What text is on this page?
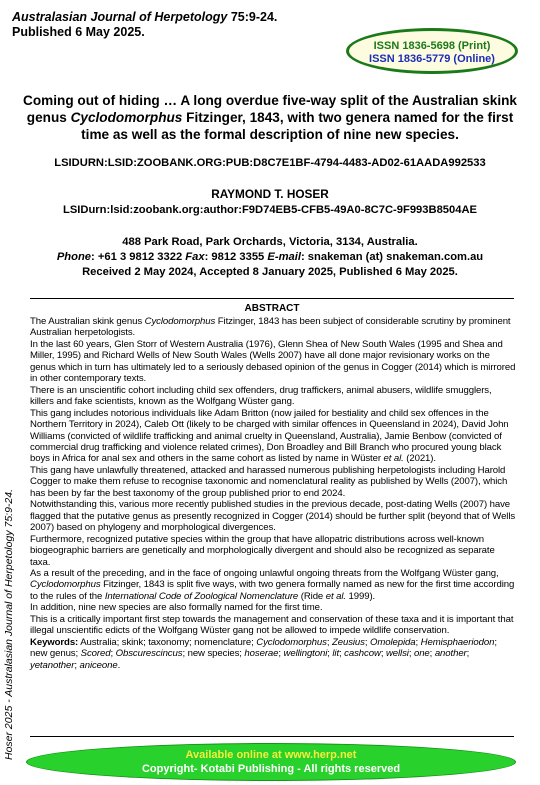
Australasian Journal of Herpetology 75:9-24.
Published 6 May 2025.
ISSN 1836-5698 (Print)
ISSN 1836-5779 (Online)
Coming out of hiding … A long overdue five-way split of the Australian skink genus Cyclodomorphus Fitzinger, 1843, with two genera named for the first time as well as the formal description of nine new species.
LSIDURN:LSID:ZOOBANK.ORG:PUB:D8C7E1BF-4794-4483-AD02-61AADA992533
RAYMOND T. HOSER
LSIDurn:lsid:zoobank.org:author:F9D74EB5-CFB5-49A0-8C7C-9F993B8504AE
488 Park Road, Park Orchards, Victoria, 3134, Australia.
Phone: +61 3 9812 3322 Fax: 9812 3355 E-mail: snakeman (at) snakeman.com.au
Received 2 May 2024, Accepted 8 January 2025, Published 6 May 2025.
ABSTRACT

The Australian skink genus Cyclodomorphus Fitzinger, 1843 has been subject of considerable scrutiny by prominent Australian herpetologists.

In the last 60 years, Glen Storr of Western Australia (1976), Glenn Shea of New South Wales (1995 and Shea and Miller, 1995) and Richard Wells of New South Wales (Wells 2007) have all done major revisionary works on the genus which in turn has ultimately led to a seriously debased opinion of the genus in Cogger (2014) which is mirrored in other contemporary texts.

There is an unscientific cohort including child sex offenders, drug traffickers, animal abusers, wildlife smugglers, killers and fake scientists, known as the Wolfgang Wüster gang.

This gang includes notorious individuals like Adam Britton (now jailed for bestiality and child sex offences in the Northern Territory in 2024), Caleb Ott (likely to be charged with similar offences in Queensland in 2024), David John Williams (convicted of wildlife trafficking and animal cruelty in Queensland, Australia), Jamie Benbow (convicted of commercial drug trafficking and violence related crimes), Don Broadley and Bill Branch who procured young black boys in Africa for anal sex and others in the same cohort as listed by name in Wüster et al. (2021).

This gang have unlawfully threatened, attacked and harassed numerous publishing herpetologists including Harold Cogger to make them refuse to recognise taxonomic and nomenclatural reality as published by Wells (2007), which has been by far the best taxonomy of the group published prior to end 2024.

Notwithstanding this, various more recently published studies in the previous decade, post-dating Wells (2007) have flagged that the putative genus as presently recognized in Cogger (2014) should be further split (beyond that of Wells 2007) based on phylogeny and morphological divergences.

Furthermore, recognized putative species within the group that have allopatric distributions across well-known biogeographic barriers are genetically and morphologically divergent and should also be recognized as separate taxa.

As a result of the preceding, and in the face of ongoing unlawful ongoing threats from the Wolfgang Wüster gang, Cyclodomorphus Fitzinger, 1843 is split five ways, with two genera formally named as new for the first time according to the rules of the International Code of Zoological Nomenclature (Ride et al. 1999).

In addition, nine new species are also formally named for the first time.

This is a critically important first step towards the management and conservation of these taxa and it is important that illegal unscientific edicts of the Wolfgang Wüster gang not be allowed to impede wildlife conservation.

Keywords: Australia; skink; taxonomy; nomenclature; Cyclodomorphus; Zeusius; Omolepida; Hemisphaeriodon; new genus; Scored; Obscurescincus; new species; hoserae; wellingtoni; lit; cashcow; wellsi; one; another; yetanother; aniceone.

Hoser 2025 - Australasian Journal of Herpetology 75:9-24.	Available online at www.herp.net
Copyright- Kotabi Publishing - All rights reserved
